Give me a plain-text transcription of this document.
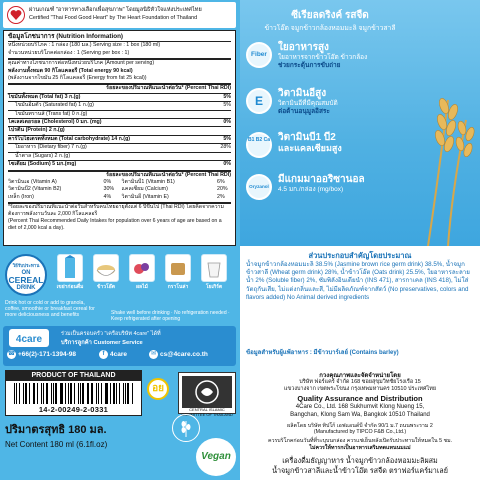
ผ่านเกณฑ์ "อาหารทางเลือกเพื่อสุขภาพ" โดยมูลนิธิหัวใจแห่งประเทศไทย
Certified "Thai Food Good Heart" by The Heart Foundation of Thailand
ข้อมูลโภชนาการ (Nutrition Information)
หนึ่งหน่วยบริโภค : 1 กล่อง (180 มล.) Serving size : 1 box (180 ml)
จำนวนหน่วยบริโภคต่อกล่อง : 1 (Serving per box : 1)
คุณค่าทางโภชนาการต่อหนึ่งหน่วยบริโภค (Amount per serving)
พลังงานทั้งหมด 90 กิโลแคลอรี (Total energy 90 kcal)
(พลังงานจากไขมัน 25 กิโลแคลอรี (Energy from fat 25 kcal))
ร้อยละของปริมาณที่แนะนำต่อวัน* (Percent Thai RDI)
ไขมันทั้งหมด (Total fat) 3 ก.(g)	5%
ไขมันอิ่มตัว (Saturated fat) 1 ก.(g)	5%
ไขมันทรานส์ (Trans fat) 0 ก.(g)
โคเลสเตอรอล (Cholesterol) 0 มก. (mg)	0%
โปรตีน (Protein) 2 ก.(g)
คาร์โบไฮเดรตทั้งหมด (Total carbohydrate) 14 ก.(g)	5%
ใยอาหาร (Dietary fiber) 7 ก.(g)	28%
น้ำตาล (Sugars) 2 ก.(g)
โซเดียม (Sodium) 5 มก.(mg)	0%
ร้อยละของปริมาณที่แนะนำต่อวัน* (Percent Thai RDI)
วิตามินเอ (Vitamin A)	0%	วิตามินบี1 (Vitamin B1)	6%
วิตามินบี2 (Vitamin B2)	30%	แคลเซียม (Calcium)	20%
เหล็ก (Iron)	4%	วิตามินอี (Vitamin E)	2%
*ร้อยละของปริมาณที่แนะนำต่อวันสำหรับคนไทยอายุตั้งแต่ 6 ปีขึ้นไป (Thai RDI) โดยคิดจากความต้องการพลังงานวันละ 2,000 กิโลแคลอรี
(Percent Thai Recommended Daily Intakes for population over 6 years of age are based on a diet of 2,000 kcal a day).
วิธีรับประทาน
ON
CEREAL
DRINK	เขย่าก่อนดื่ม	ข้าวโอ๊ต	ผลไม้	กราโนล่า	โยเกิร์ต
Drink hot or cold or add to granola, coffee, smoothie or breakfast cereal for more deliciousness and benefits	Shake well before drinking · No refrigeration needed · Keep refrigerated after opening
4care	ร่วมเป็นครอบครัว "เครือบริษัท 4care" ได้ที่
บริการลูกค้า Customer Service
☎ +66(2)-171-1394-98	f 4care	✉ cs@4care.co.th
PRODUCT OF THAILAND
14-2-00249-2-0331
อย
CENTRAL ISLAMIC COMMITTEE OF THAILAND
ปริมาตรสุทธิ 180 มล.
Net Content 180 ml (6.1fl.oz)
Vegan
ซีเรียลดริงค์ รสจืด
ข้าวโอ๊ต จมูกข้าวกล้องหอมมะลิ จมูกข้าวสาลี
Fiber
ใยอาหารสูง
ใยอาหารจากข้าวโอ๊ต ข้าวกล้อง
ช่วยกระตุ้นการขับถ่าย
E
วิตามินอีสูง
วิตามินอีที่มีคุณสมบัติ
ต่อต้านอนุมูลอิสระ
B1 B2 Ca วิตามินบี1 บี2
และแคลเซียมสูง
Oryzanol
มีแกมมาออริซานอล
4.5 มก./กล่อง (mg/box)
ส่วนประกอบสำคัญโดยประมาณ
น้ำจมูกข้าวกล้องหอมมะลิ 38.5% (Jasmine brown rice germ drink) 38.5%, น้ำจมูกข้าวสาลี (Wheat germ drink) 28%, น้ำข้าวโอ๊ต (Oats drink) 25.5%, ใยอาหารละลายน้ำ 2% (Soluble fiber) 2%, ซัมพิลังอินเดียนำ (INS 471), สารกาเคล (INS 418), ไม่ใส่วัตถุกันเสีย, ไม่แต่งกลิ่นและสี, ไม่มีผลิตภัณฑ์จากสัตว์ (No preservatives, colors and flavors added) No Animal derived ingredients
ข้อมูลสำหรับผู้แพ้อาหาร : มีข้าวบาร์เลย์ (Contains barley)
กวงคุณภาพและจัดจำหน่ายโดย
บริษัท ฟอร์แคร์ จำกัด 168 ซอยสุขุมวิทชัยโรงเรือ 15
แขวงบางจาก เขตพระโขนง กรุงเทพมหานคร 10510 ประเทศไทย
Quality Assurance and Distribution
4Care Co., Ltd. 168 Sukhumvit Klong Nueng 15,
Bangchan, Klong Sam Wa, Bangkok 10510 Thailand
ผลิตโดย บริษัท ทิปโก้ เอฟแอนด์บี จำกัด 90/1 ม.7 ถนนพระราม 2
(Manufactured by TIPCO F&B Co.,Ltd.)
ควรบริโภคก่อนวันที่ที่ระบุบนกล่อง ควรแช่เย็นหลังเปิดรับประทานให้หมดใน 5 ชม.
ไม่ควรให้ทารกเป็นอาหารเสริมทดแทนนมแม่
เครื่องดื่มธัญญาหาร น้ำจมูกข้าวกล้องหอมมะลิผสม
น้ำจมูกข้าวสาลีและน้ำข้าวโอ๊ต รสจืด ตราฟอร์แคร์มาเลย์
